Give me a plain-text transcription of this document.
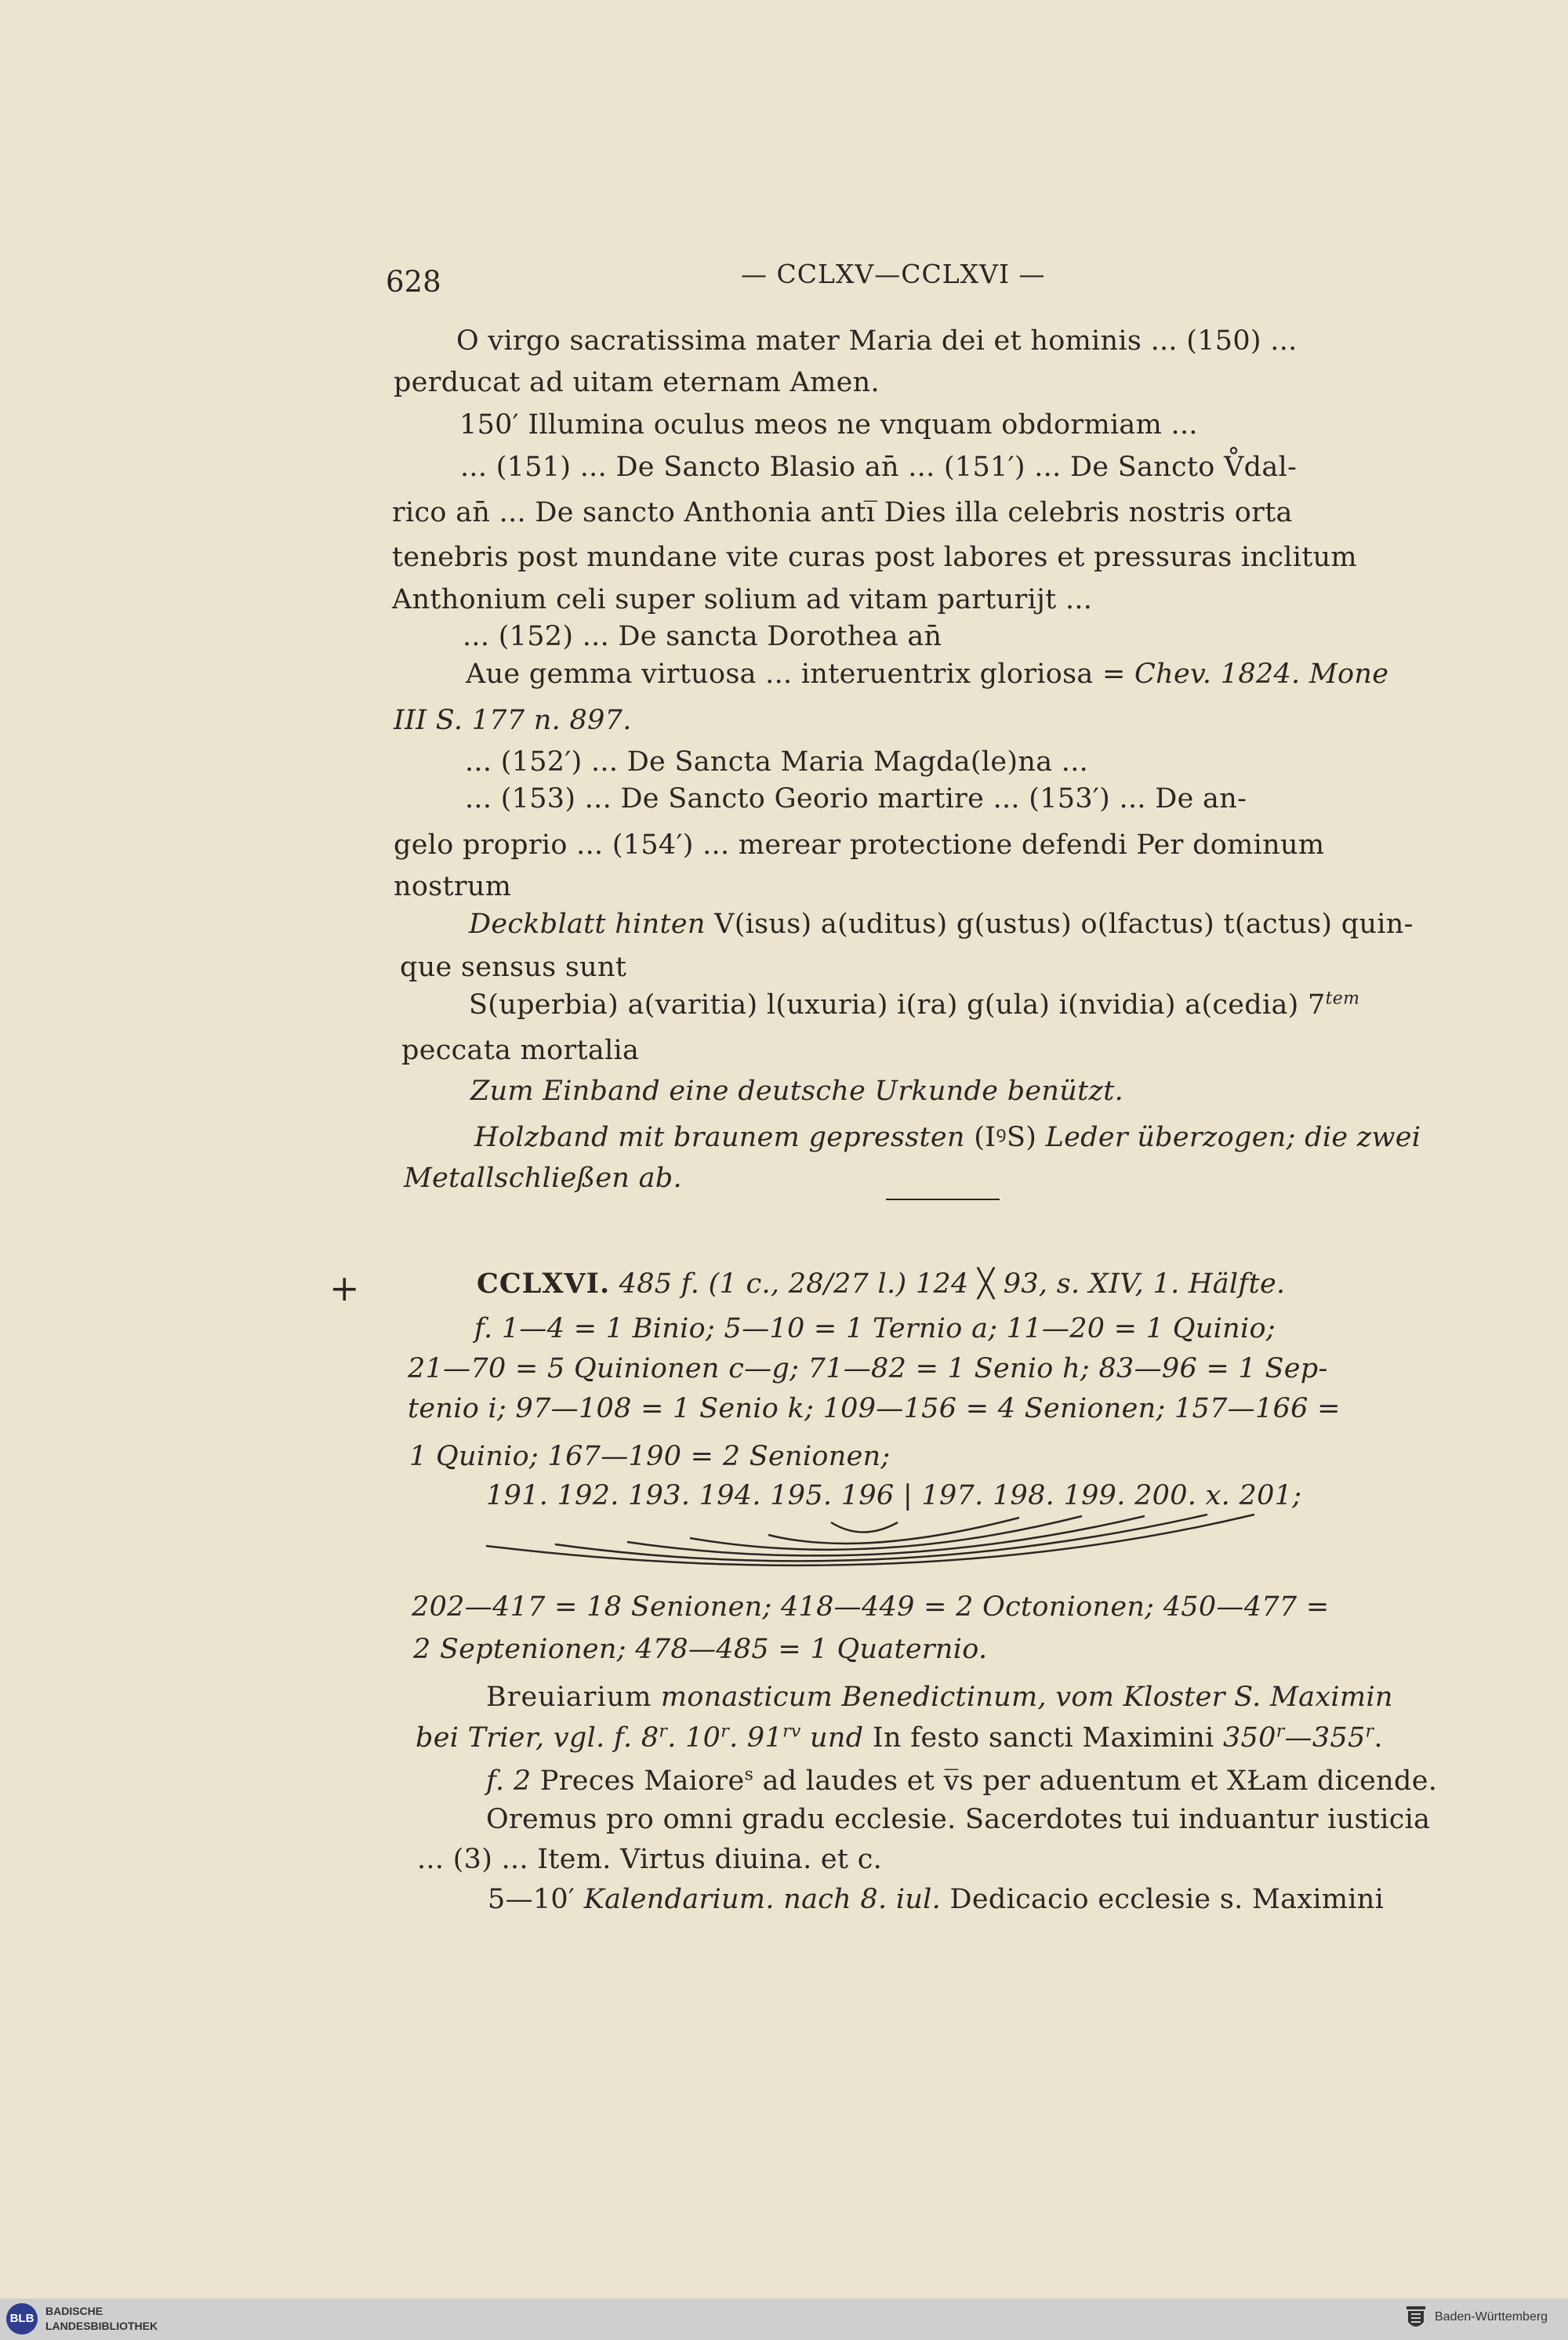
628	— CCLXV—CCLXVI —
O virgo sacratissima mater Maria dei et hominis ... (150) ...
perducat ad uitam eternam Amen.
150′ Illumina oculus meos ne vnquam obdormiam ...
... (151) ... De Sancto Blasio an̄ ... (151′) ... De Sancto V̊dal-
rico an̄ ... De sancto Anthonia anti̅ Dies illa celebris nostris orta
tenebris post mundane vite curas post labores et pressuras inclitum
Anthonium celi super solium ad vitam parturijt ...
... (152) ... De sancta Dorothea an̄
Aue gemma virtuosa ... interuentrix gloriosa = Chev. 1824. Mone
III S. 177 n. 897.
... (152′) ... De Sancta Maria Magda(le)na ...
... (153) ... De Sancto Georio martire ... (153′) ... De an-
gelo proprio ... (154′) ... merear protectione defendi Per dominum
nostrum
Deckblatt hinten V(isus) a(uditus) g(ustus) o(lfactus) t(actus) quin-
que sensus sunt
S(uperbia) a(varitia) l(uxuria) i(ra) g(ula) i(nvidia) a(cedia) $7^{tem}$
peccata mortalia
Zum Einband eine deutsche Urkunde benützt.
Holzband mit braunem gepressten (IꝰS) Leder überzogen; die zwei
Metallschließen ab.
+	CCLXVI. 485 f. (1 c., 28/27 l.) 124 ╳ 93, s. XIV, 1. Hälfte.
f. 1—4 = 1 Binio; 5—10 = 1 Ternio a; 11—20 = 1 Quinio;
21—70 = 5 Quinionen c—g; 71—82 = 1 Senio h; 83—96 = 1 Sep-
tenio i; 97—108 = 1 Senio k; 109—156 = 4 Senionen; 157—166 =
1 Quinio; 167—190 = 2 Senionen;
191. 192. 193. 194. 195. 196 | 197. 198. 199. 200. x. 201;
202—417 = 18 Senionen; 418—449 = 2 Octonionen; 450—477 =
2 Septenionen; 478—485 = 1 Quaternio.
Breuiarium monasticum Benedictinum, vom Kloster S. Maximin
bei Trier, vgl. f. 8$^r$. 10$^r$. $91^{rv}$ und In festo sancti Maximini 350$^r$—355$^r$.
f. 2 Preces Maiore$^s$ ad laudes et v̅s per aduentum et XŁam dicende.
Oremus pro omni gradu ecclesie. Sacerdotes tui induantur iusticia
... (3) ... Item. Virtus diuina. et c.
5—10′ Kalendarium. nach 8. iul. Dedicacio ecclesie s. Maximini
BLB
BADISCHE
LANDESBIBLIOTHEK
Baden-Württemberg
